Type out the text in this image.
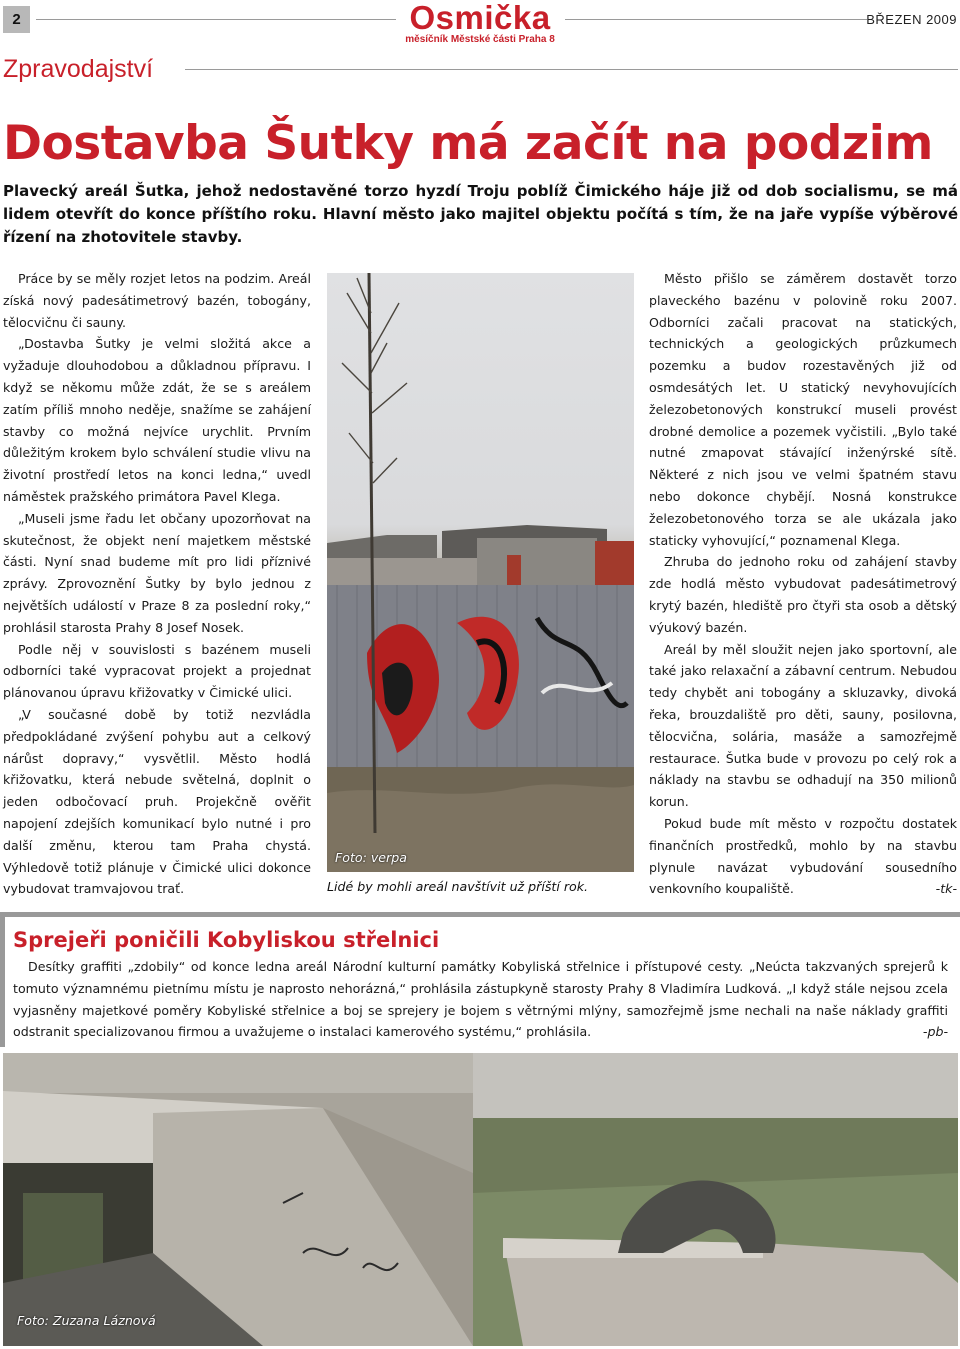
2	Osmička
měsíčník Městské části Praha 8
BŘEZEN 2009
Zpravodajství
Dostavba Šutky má začít na podzim

Plavecký areál Šutka, jehož nedostavěné torzo hyzdí Troju poblíž Čimického háje již od dob socialismu, se má lidem otevřít do konce příštího roku. Hlavní město jako majitel objektu počítá s tím, že na jaře vypíše výběrové řízení na zhotovitele stavby.

Práce by se měly rozjet letos na podzim. Areál získá nový padesátimetrový bazén, tobogány, tělocvičnu či sauny.

„Dostavba Šutky je velmi složitá akce a vyžaduje dlouhodobou a důkladnou přípravu. I když se někomu může zdát, že se s areálem zatím příliš mnoho neděje, snažíme se zahájení stavby co možná nejvíce urychlit. Prvním důležitým krokem bylo schválení studie vlivu na životní prostředí letos na konci ledna,“ uvedl náměstek pražského primátora Pavel Klega.

„Museli jsme řadu let občany upozorňovat na skutečnost, že objekt není majetkem městské části. Nyní snad budeme mít pro lidi příznivé zprávy. Zprovoznění Šutky by bylo jednou z největších událostí v Praze 8 za poslední roky,“ prohlásil starosta Prahy 8 Josef Nosek.

Podle něj v souvislosti s bazénem museli odborníci také vypracovat projekt a projednat plánovanou úpravu křižovatky v Čimické ulici.

„V současné době by totiž nezvládla předpokládané zvýšení pohybu aut a celkový nárůst dopravy,“ vysvětlil. Město hodlá křižovatku, která nebude světelná, doplnit o jeden odbočovací pruh. Projekčně ověřit napojení zdejších komunikací bylo nutné i pro další změnu, kterou tam Praha chystá. Výhledově totiž plánuje v Čimické ulici dokonce vybudovat tramvajovou trať.

Foto: verpa
Lidé by mohli areál navštívit už příští rok.

Město přišlo se záměrem dostavět torzo plaveckého bazénu v polovině roku 2007. Odborníci začali pracovat na statických, technických a geologických průzkumech pozemku a budov rozestavěných již od osmdesátých let. U statický nevyhovujících železobetonových konstrukcí museli provést drobné demolice a pozemek vyčistili. „Bylo také nutné zmapovat stávající inženýrské sítě. Některé z nich jsou ve velmi špatném stavu nebo dokonce chybějí. Nosná konstrukce železobetonového torza se ale ukázala jako staticky vyhovující,“ poznamenal Klega.

Zhruba do jednoho roku od zahájení stavby zde hodlá město vybudovat padesátimetrový krytý bazén, hlediště pro čtyři sta osob a dětský výukový bazén.

Areál by měl sloužit nejen jako sportovní, ale také jako relaxační a zábavní centrum. Nebudou tedy chybět ani tobogány a skluzavky, divoká řeka, brouzdaliště pro děti, sauny, posilovna, tělocvična, solária, masáže a samozřejmě restaurace. Šutka bude v provozu po celý rok a náklady na stavbu se odhadují na 350 milionů korun.

Pokud bude mít město v rozpočtu dostatek finančních prostředků, mohlo by na stavbu plynule navázat vybudování sousedního venkovního koupaliště.	-tk-

Sprejeři poničili Kobyliskou střelnici

Desítky graffiti „zdobily“ od konce ledna areál Národní kulturní památky Kobyliská střelnice i přístupové cesty. „Neúcta takzvaných sprejerů k tomuto významnému pietnímu místu je naprosto nehorázná,“ prohlásila zástupkyně starosty Prahy 8 Vladimíra Ludková. „I když stále nejsou zcela vyjasněny majetkové poměry Kobyliské střelnice a boj se sprejery je bojem s větrnými mlýny, samozřejmě jsme nechali na naše náklady graffiti odstranit specializovanou firmou a uvažujeme o instalaci kamerového systému,“ prohlásila.	-pb-

Foto: Zuzana Láznová
